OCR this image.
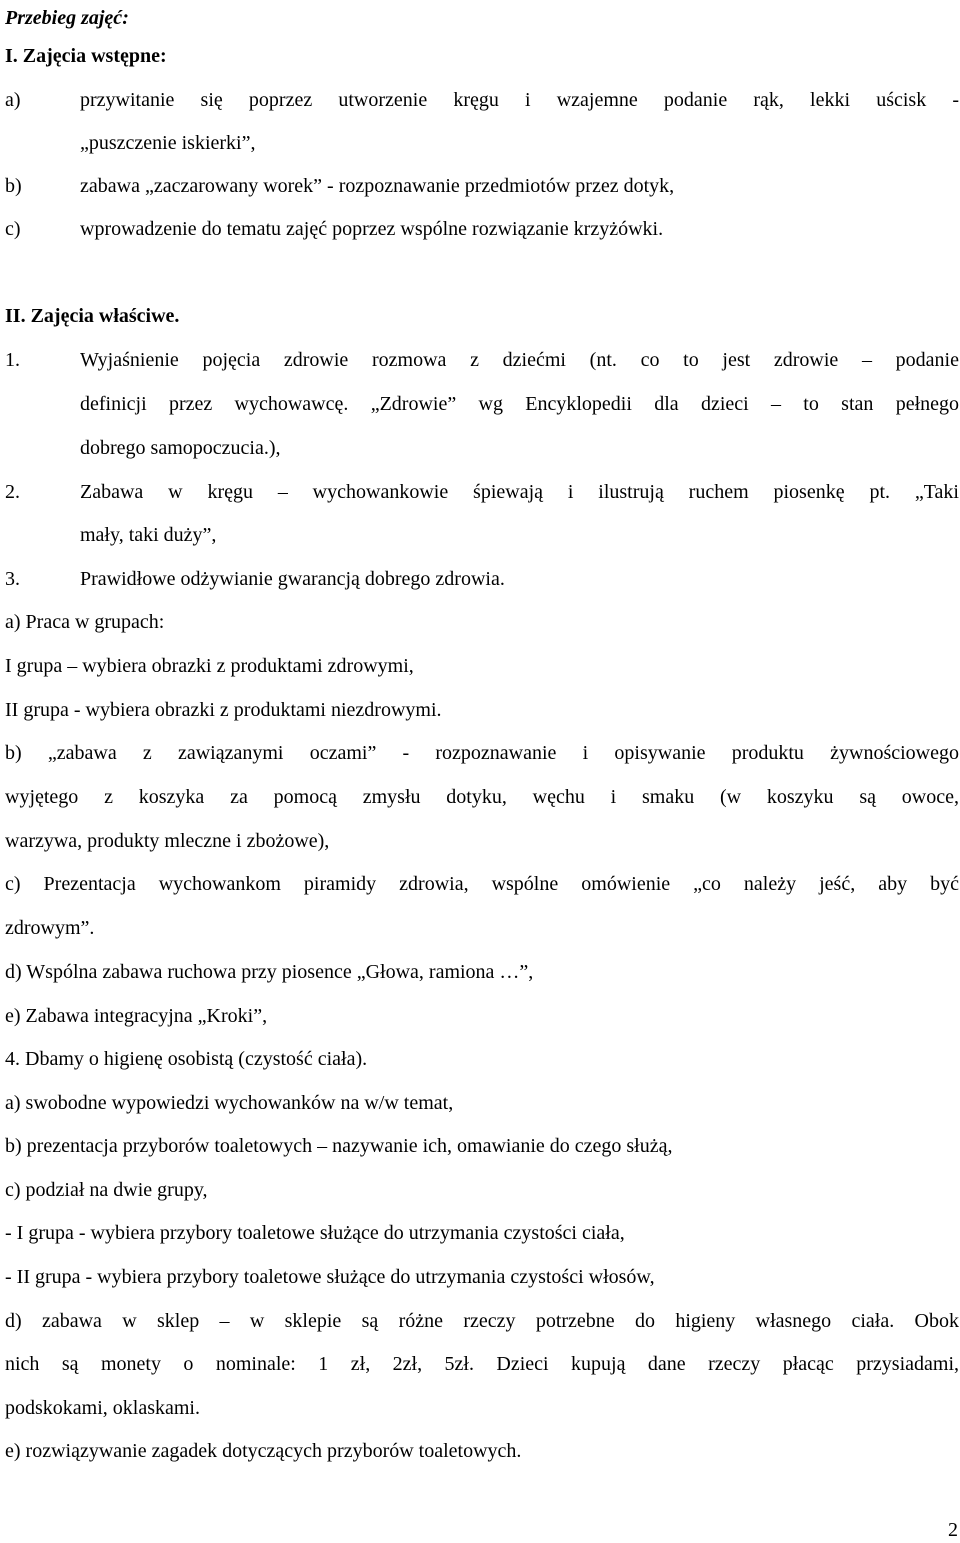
Przebieg zajęć:
I. Zajęcia wstępne:
a)	przywitanie się poprzez utworzenie kręgu i wzajemne podanie rąk, lekki uścisk -
„puszczenie iskierki”,
b)	zabawa „zaczarowany worek” - rozpoznawanie przedmiotów przez dotyk,
c)	wprowadzenie do tematu zajęć poprzez wspólne rozwiązanie krzyżówki.
II. Zajęcia właściwe.
1.	Wyjaśnienie pojęcia zdrowie rozmowa z dziećmi (nt. co to jest zdrowie – podanie
definicji przez wychowawcę. „Zdrowie” wg Encyklopedii dla dzieci – to stan pełnego
dobrego samopoczucia.),
2.	Zabawa w kręgu – wychowankowie śpiewają i ilustrują ruchem piosenkę pt. „Taki
mały, taki duży”,
3.	Prawidłowe odżywianie gwarancją dobrego zdrowia.
a) Praca w grupach:
I grupa – wybiera obrazki z produktami zdrowymi,
II grupa - wybiera obrazki z produktami niezdrowymi.
b) „zabawa z zawiązanymi oczami” - rozpoznawanie i opisywanie produktu żywnościowego
wyjętego z koszyka za pomocą zmysłu dotyku, węchu i smaku (w koszyku są owoce,
warzywa, produkty mleczne i zbożowe),
c) Prezentacja wychowankom piramidy zdrowia, wspólne omówienie „co należy jeść, aby być
zdrowym”.
d) Wspólna zabawa ruchowa przy piosence „Głowa, ramiona …”,
e) Zabawa integracyjna „Kroki”,
4. Dbamy o higienę osobistą (czystość ciała).
a) swobodne wypowiedzi wychowanków na w/w temat,
b) prezentacja przyborów toaletowych – nazywanie ich, omawianie do czego służą,
c) podział na dwie grupy,
- I grupa - wybiera przybory toaletowe służące do utrzymania czystości ciała,
- II grupa - wybiera przybory toaletowe służące do utrzymania czystości włosów,
d) zabawa w sklep – w sklepie są różne rzeczy potrzebne do higieny własnego ciała. Obok
nich są monety o nominale: 1 zł, 2zł, 5zł. Dzieci kupują dane rzeczy płacąc przysiadami,
podskokami, oklaskami.
e) rozwiązywanie zagadek dotyczących przyborów toaletowych.
2
